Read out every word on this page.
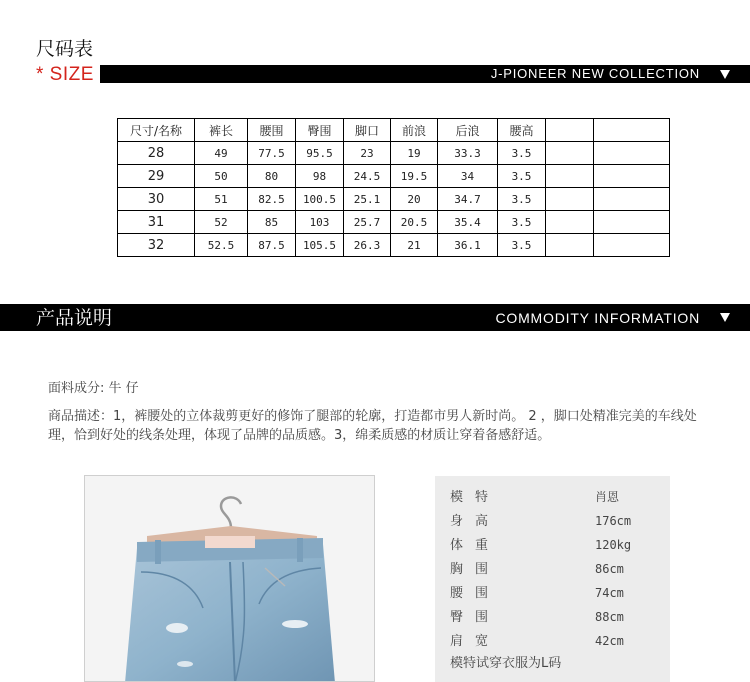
尺码表
* SIZE	J-PIONEER NEW COLLECTION
尺寸/名称	裤长	腰围	臀围	脚口	前浪	后浪	腰高		
28	49	77.5	95.5	23	19	33.3	3.5		
29	50	80	98	24.5	19.5	34	3.5		
30	51	82.5	100.5	25.1	20	34.7	3.5		
31	52	85	103	25.7	20.5	35.4	3.5		
32	52.5	87.5	105.5	26.3	21	36.1	3.5		
产品说明	COMMODITY INFORMATION
面料成分: 牛 仔
商品描述：1，裤腰处的立体裁剪更好的修饰了腿部的轮廓，打造都市男人新时尚。 2 ，脚口处精准完美的车线处理，恰到好处的线条处理，体现了品牌的品质感。3，绵柔质感的材质让穿着备感舒适。
模特	肖恩
身高	176cm
体重	120kg
胸围	86cm
腰围	74cm
臀围	88cm
肩宽	42cm
模特试穿衣服为L码
